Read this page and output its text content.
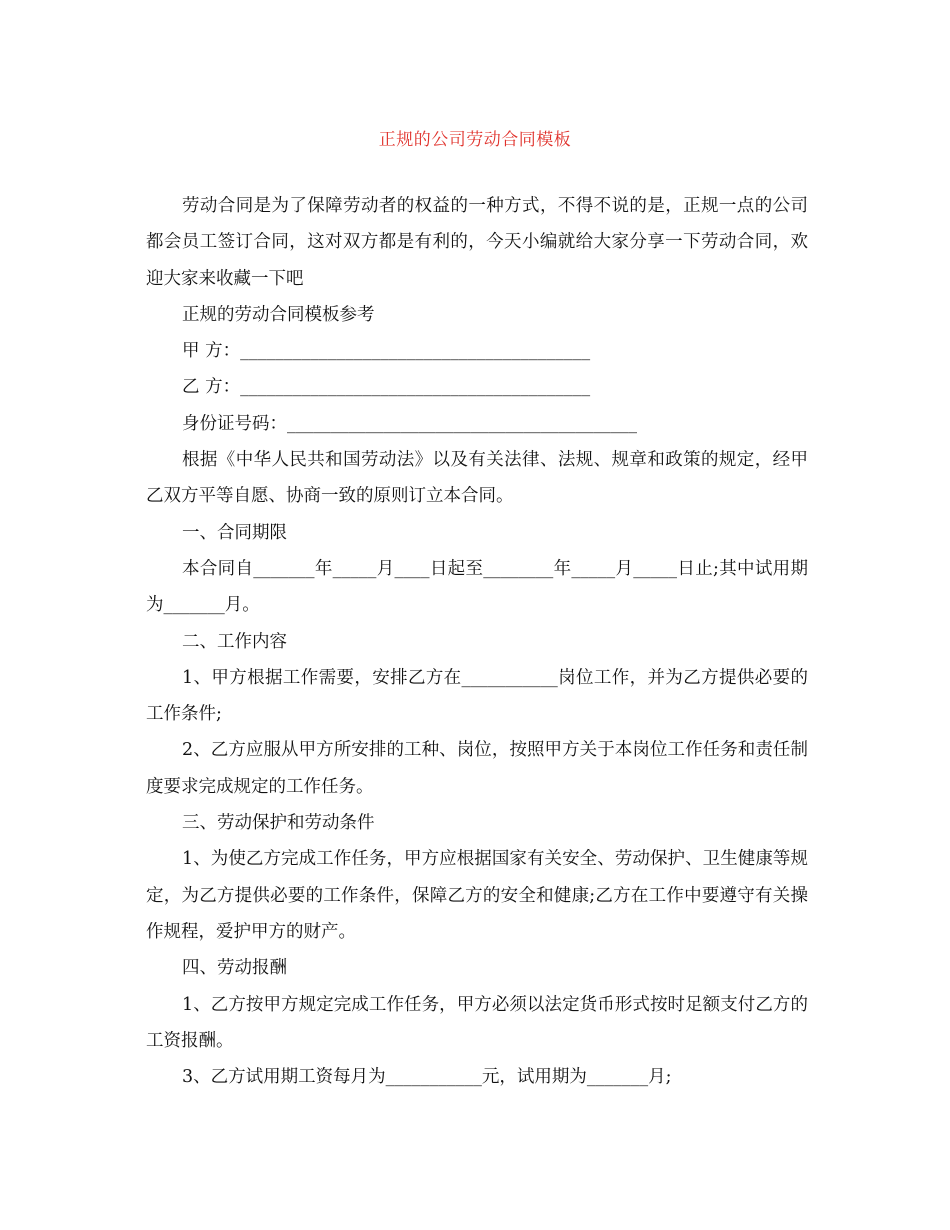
正规的公司劳动合同模板

劳动合同是为了保障劳动者的权益的一种方式，不得不说的是，正规一点的公司都会员工签订合同，这对双方都是有利的，今天小编就给大家分享一下劳动合同，欢迎大家来收藏一下吧

正规的劳动合同模板参考

甲 方：________________________________________

乙 方：________________________________________

身份证号码：________________________________________

根据《中华人民共和国劳动法》以及有关法律、法规、规章和政策的规定，经甲乙双方平等自愿、协商一致的原则订立本合同。

一、合同期限

本合同自_______年_____月____日起至________年_____月_____日止;其中试用期为_______月。

二、工作内容

1、甲方根据工作需要，安排乙方在___________岗位工作，并为乙方提供必要的工作条件;

2、乙方应服从甲方所安排的工种、岗位，按照甲方关于本岗位工作任务和责任制度要求完成规定的工作任务。

三、劳动保护和劳动条件

1、为使乙方完成工作任务，甲方应根据国家有关安全、劳动保护、卫生健康等规定，为乙方提供必要的工作条件，保障乙方的安全和健康;乙方在工作中要遵守有关操作规程，爱护甲方的财产。

四、劳动报酬

1、乙方按甲方规定完成工作任务，甲方必须以法定货币形式按时足额支付乙方的工资报酬。

3、乙方试用期工资每月为___________元，试用期为_______月;
